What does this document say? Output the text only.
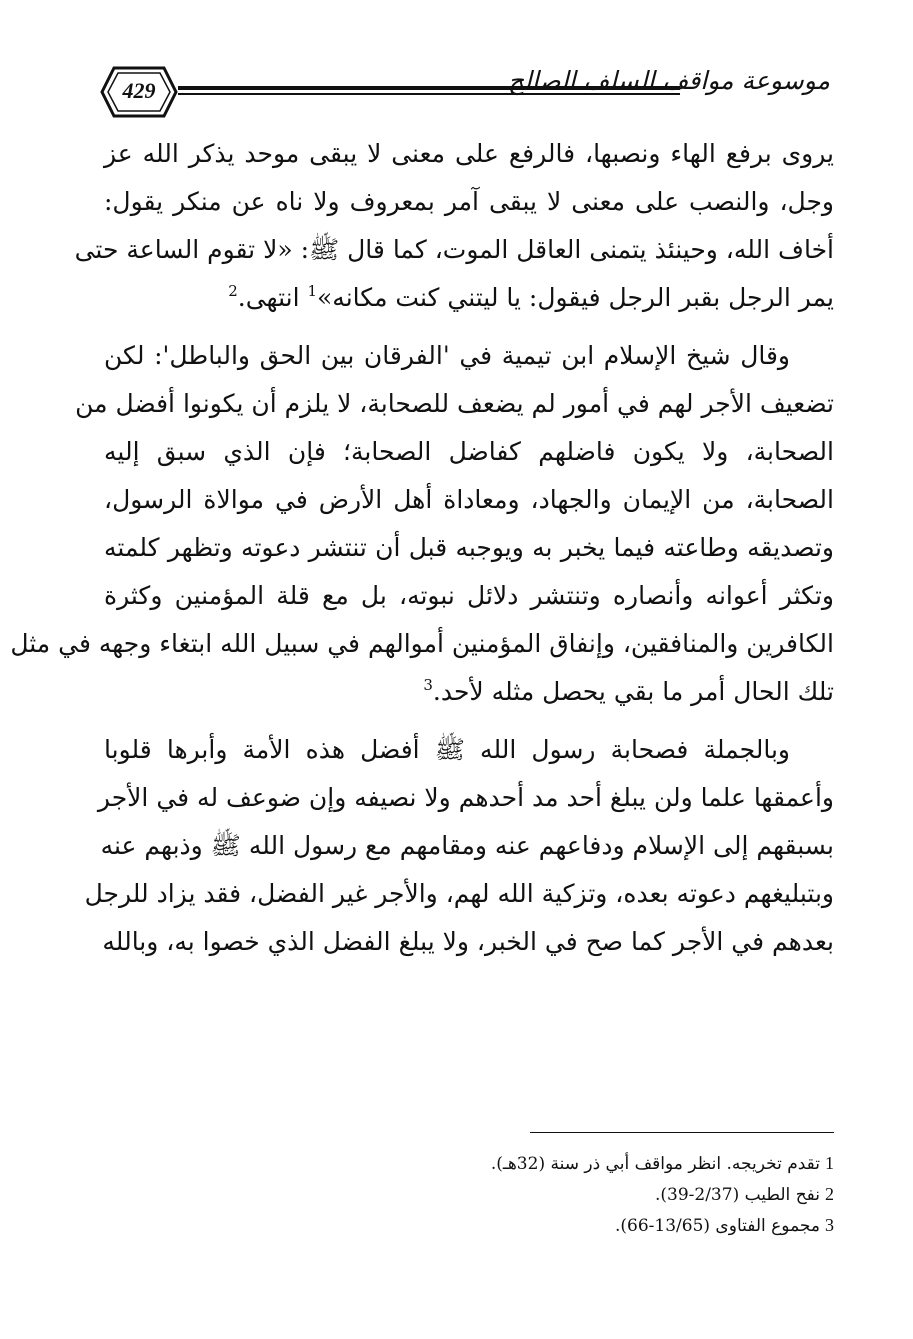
429	موسوعة مواقف السلف الصالح
يروى برفع الهاء ونصبها، فالرفع على معنى لا يبقى موحد يذكر الله عز
وجل، والنصب على معنى لا يبقى آمر بمعروف ولا ناه عن منكر يقول:
أخاف الله، وحينئذ يتمنى العاقل الموت، كما قال ﷺ: «لا تقوم الساعة حتى
يمر الرجل بقبر الرجل فيقول: يا ليتني كنت مكانه»$^1$ انتهى.$^2$
وقال شيخ الإسلام ابن تيمية في 'الفرقان بين الحق والباطل': لكن
تضعيف الأجر لهم في أمور لم يضعف للصحابة، لا يلزم أن يكونوا أفضل من
الصحابة، ولا يكون فاضلهم كفاضل الصحابة؛ فإن الذي سبق إليه
الصحابة، من الإيمان والجهاد، ومعاداة أهل الأرض في موالاة الرسول،
وتصديقه وطاعته فيما يخبر به ويوجبه قبل أن تنتشر دعوته وتظهر كلمته
وتكثر أعوانه وأنصاره وتنتشر دلائل نبوته، بل مع قلة المؤمنين وكثرة
الكافرين والمنافقين، وإنفاق المؤمنين أموالهم في سبيل الله ابتغاء وجهه في مثل
تلك الحال أمر ما بقي يحصل مثله لأحد.$^3$
وبالجملة فصحابة رسول الله ﷺ أفضل هذه الأمة وأبرها قلوبا
وأعمقها علما ولن يبلغ أحد مد أحدهم ولا نصيفه وإن ضوعف له في الأجر
بسبقهم إلى الإسلام ودفاعهم عنه ومقامهم مع رسول الله ﷺ وذبهم عنه
وبتبليغهم دعوته بعده، وتزكية الله لهم، والأجر غير الفضل، فقد يزاد للرجل
بعدهم في الأجر كما صح في الخبر، ولا يبلغ الفضل الذي خصوا به، وبالله
1تقدم تخريجه. انظر مواقف أبي ذر سنة (32هـ).
2نفح الطيب (2/37-39).
3مجموع الفتاوى (13/65-66).
